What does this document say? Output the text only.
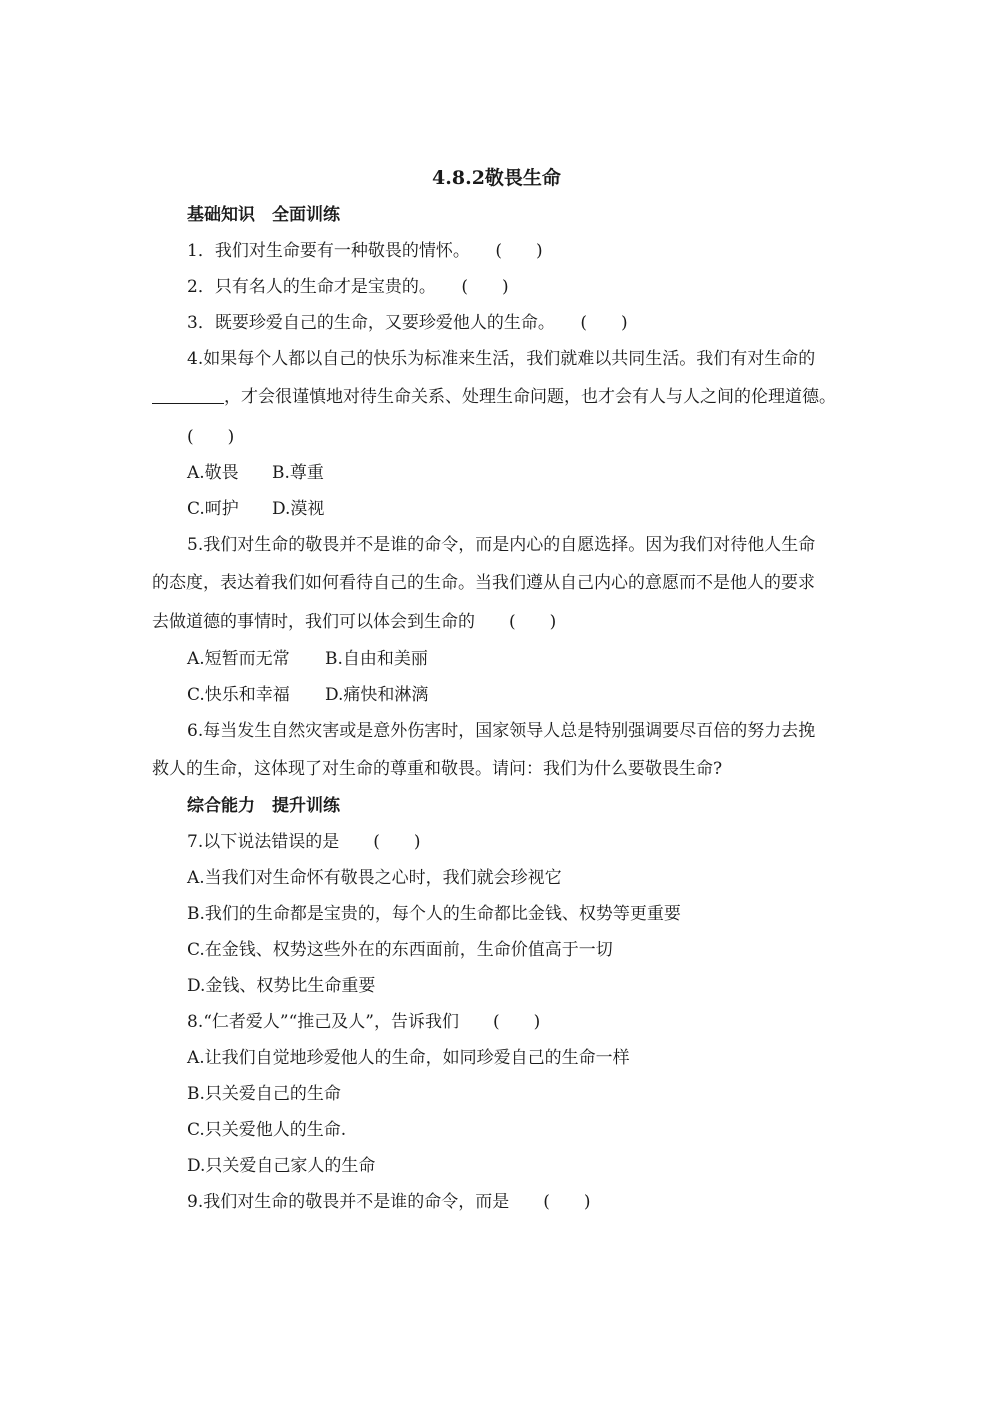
4.8.2敬畏生命
基础知识　全面训练
1．我们对生命要有一种敬畏的情怀。　　(　　)
2．只有名人的生命才是宝贵的。　　(　　)
3．既要珍爱自己的生命，又要珍爱他人的生命。　　(　　)
4.如果每个人都以自己的快乐为标准来生活，我们就难以共同生活。我们有对生命的
，才会很谨慎地对待生命关系、处理生命问题，也才会有人与人之间的伦理道德。
(　　)
A.敬畏 B.尊重
C.呵护 D.漠视
5.我们对生命的敬畏并不是谁的命令，而是内心的自愿选择。因为我们对待他人生命
的态度，表达着我们如何看待自己的生命。当我们遵从自己内心的意愿而不是他人的要求
去做道德的事情时，我们可以体会到生命的　　(　　)
A.短暂而无常 B.自由和美丽
C.快乐和幸福 D.痛快和淋漓
6.每当发生自然灾害或是意外伤害时，国家领导人总是特别强调要尽百倍的努力去挽
救人的生命，这体现了对生命的尊重和敬畏。请问：我们为什么要敬畏生命?
综合能力　提升训练
7.以下说法错误的是　　(　　)
A.当我们对生命怀有敬畏之心时，我们就会珍视它
B.我们的生命都是宝贵的，每个人的生命都比金钱、权势等更重要
C.在金钱、权势这些外在的东西面前，生命价值高于一切
D.金钱、权势比生命重要
8.“仁者爱人”“推己及人”，告诉我们　　(　　)
A.让我们自觉地珍爱他人的生命，如同珍爱自己的生命一样
B.只关爱自己的生命
C.只关爱他人的生命.
D.只关爱自己家人的生命
9.我们对生命的敬畏并不是谁的命令，而是　　(　　)
